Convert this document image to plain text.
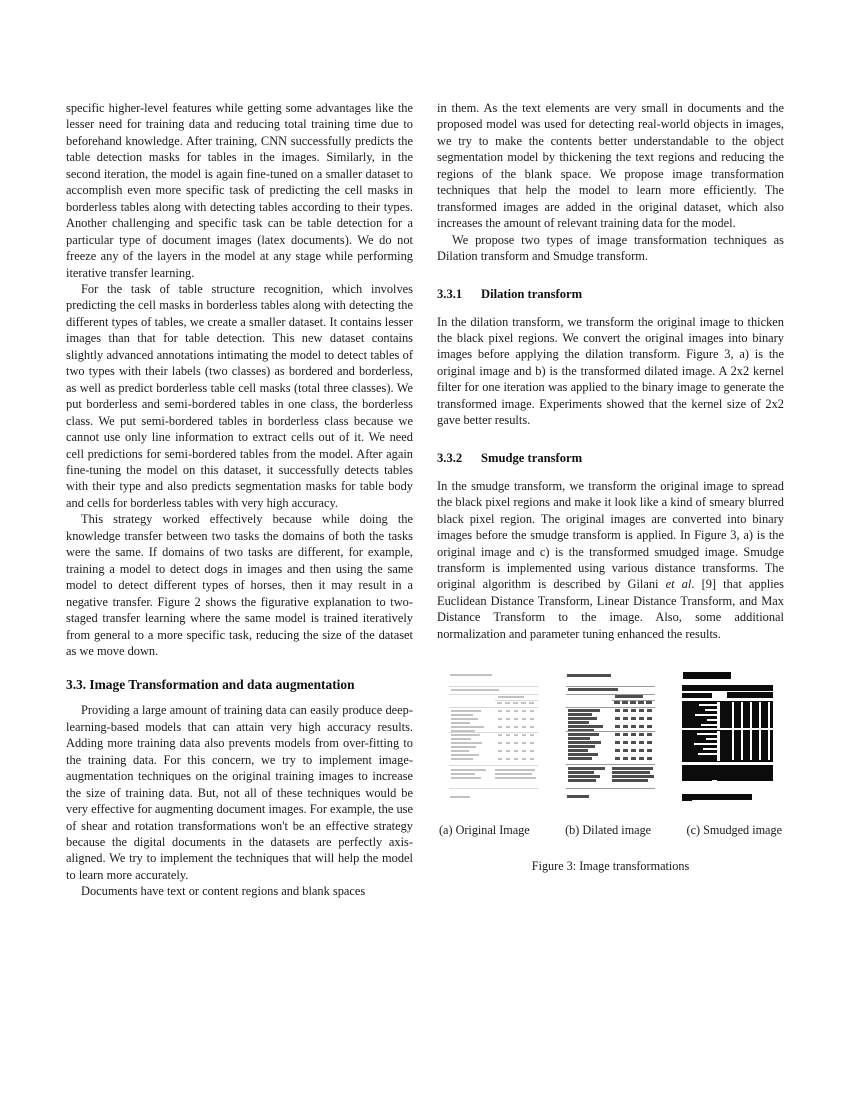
specific higher-level features while getting some advantages like the lesser need for training data and reducing total training time due to beforehand knowledge. After training, CNN successfully predicts the table detection masks for tables in the images. Similarly, in the second iteration, the model is again fine-tuned on a smaller dataset to accomplish even more specific task of predicting the cell masks in borderless tables along with detecting tables according to their types. Another challenging and specific task can be table detection for a particular type of document images (latex documents). We do not freeze any of the layers in the model at any stage while performing iterative transfer learning.

For the task of table structure recognition, which involves predicting the cell masks in borderless tables along with detecting the different types of tables, we create a smaller dataset. It contains lesser images than that for table detection. This new dataset contains slightly advanced annotations intimating the model to detect tables of two types with their labels (two classes) as bordered and borderless, as well as predict borderless table cell masks (total three classes). We put borderless and semi-bordered tables in one class, the borderless class. We put semi-bordered tables in borderless class because we cannot use only line information to extract cells out of it. We need cell predictions for semi-bordered tables from the model. After again fine-tuning the model on this dataset, it successfully detects tables with their type and also predicts segmentation masks for table body and cells for borderless tables with very high accuracy.

This strategy worked effectively because while doing the knowledge transfer between two tasks the domains of both the tasks were the same. If domains of two tasks are different, for example, training a model to detect dogs in images and then using the same model to detect different types of horses, then it may result in a negative transfer. Figure 2 shows the figurative explanation to two-staged transfer learning where the same model is trained iteratively from general to a more specific task, reducing the size of the dataset as we move down.

3.3. Image Transformation and data augmentation

Providing a large amount of training data can easily produce deep-learning-based models that can attain very high accuracy results. Adding more training data also prevents models from over-fitting to the training data. For this concern, we try to implement image-augmentation techniques on the original training images to increase the size of training data. But, not all of these techniques would be very effective for augmenting document images. For example, the use of shear and rotation transformations won't be an effective strategy because the digital documents in the datasets are perfectly axis-aligned. We try to implement the techniques that will help the model to learn more accurately.

Documents have text or content regions and blank spaces

in them. As the text elements are very small in documents and the proposed model was used for detecting real-world objects in images, we try to make the contents better understandable to the object segmentation model by thickening the text regions and reducing the regions of the blank space. We propose image transformation techniques that help the model to learn more efficiently. The transformed images are added in the original dataset, which also increases the amount of relevant training data for the model.

We propose two types of image transformation techniques as Dilation transform and Smudge transform.

3.3.1 Dilation transform

In the dilation transform, we transform the original image to thicken the black pixel regions. We convert the original images into binary images before applying the dilation transform. Figure 3, a) is the original image and b) is the transformed dilated image. A 2x2 kernel filter for one iteration was applied to the binary image to generate the transformed image. Experiments showed that the kernel size of 2x2 gave better results.

3.3.2 Smudge transform

In the smudge transform, we transform the original image to spread the black pixel regions and make it look like a kind of smeary blurred black pixel region. The original images are converted into binary images before the smudge transform is applied. In Figure 3, a) is the original image and c) is the transformed smudged image. Smudge transform is implemented using various distance transforms. The original algorithm is described by Gilani et al. [9] that applies Euclidean Distance Transform, Linear Distance Transform, and Max Distance Transform to the image. Also, some additional normalization and parameter tuning enhanced the results.

(a) Original Image	(b) Dilated image	(c) Smudged image
Figure 3: Image transformations
